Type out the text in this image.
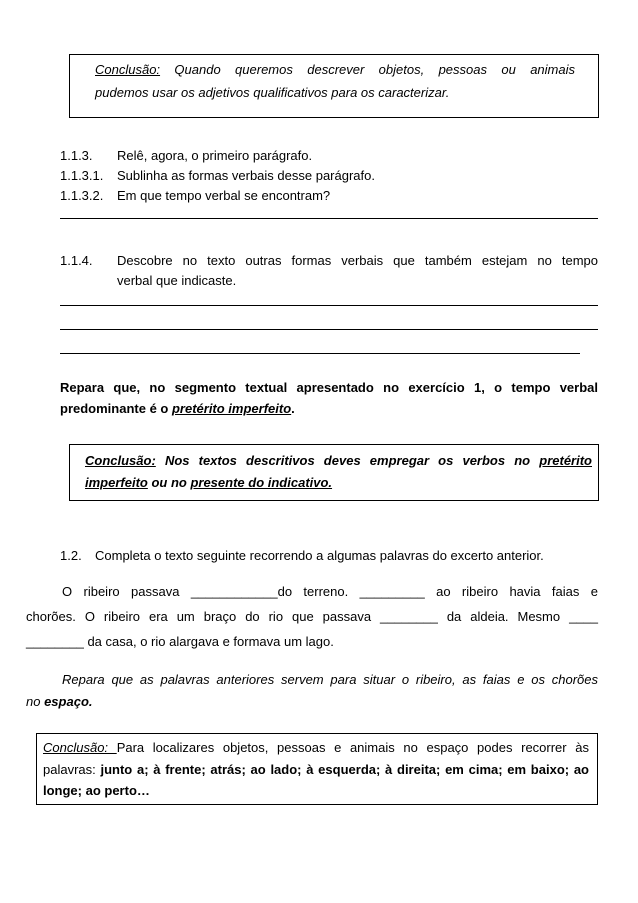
Conclusão: Quando queremos descrever objetos, pessoas ou animais
pudemos usar os adjetivos qualificativos para os caracterizar.
1.1.3. Relê, agora, o primeiro parágrafo.
1.1.3.1. Sublinha as formas verbais desse parágrafo.
1.1.3.2. Em que tempo verbal se encontram?
1.1.4. Descobre no texto outras formas verbais que também estejam no tempo
verbal que indicaste.
Repara que, no segmento textual apresentado no exercício 1, o tempo verbal
predominante é o pretérito imperfeito.
Conclusão: Nos textos descritivos deves empregar os verbos no pretérito
imperfeito ou no presente do indicativo.
1.2. Completa o texto seguinte recorrendo a algumas palavras do excerto anterior.
O ribeiro passava ____________do terreno. _________ ao ribeiro havia faias e
chorões. O ribeiro era um braço do rio que passava ________ da aldeia. Mesmo ____
________ da casa, o rio alargava e formava um lago.
Repara que as palavras anteriores servem para situar o ribeiro, as faias e os chorões
no espaço.
Conclusão: Para localizares objetos, pessoas e animais no espaço podes recorrer às
palavras: junto a; à frente; atrás; ao lado; à esquerda; à direita; em cima; em baixo; ao
longe; ao perto…
